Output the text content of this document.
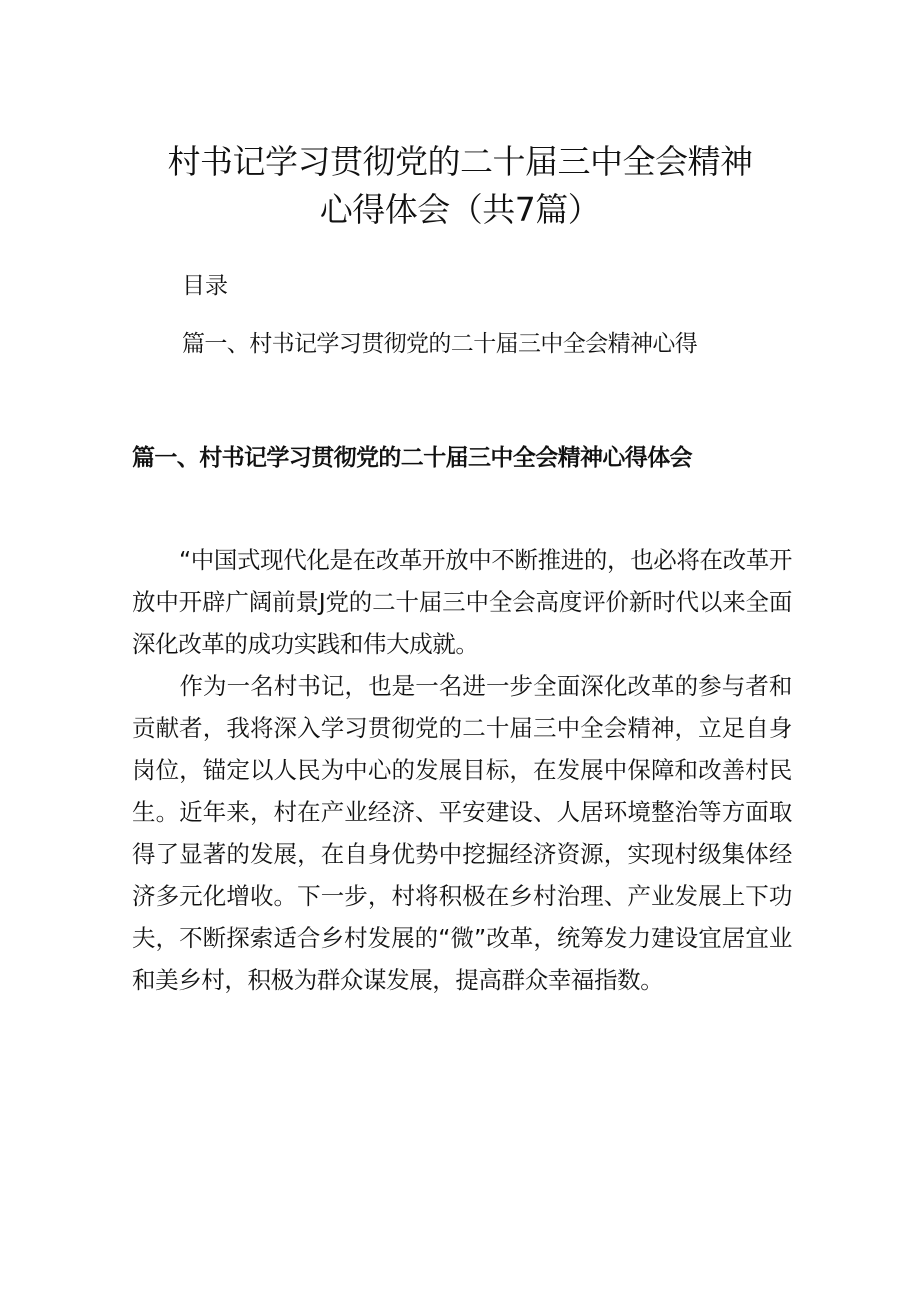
村书记学习贯彻党的二十届三中全会精神
心得体会（共7篇）
目录
篇一、村书记学习贯彻党的二十届三中全会精神心得
篇一、村书记学习贯彻党的二十届三中全会精神心得体会

“中国式现代化是在改革开放中不断推进的，也必将在改革开放中开辟广阔前景J党的二十届三中全会高度评价新时代以来全面深化改革的成功实践和伟大成就。

作为一名村书记，也是一名进一步全面深化改革的参与者和贡献者，我将深入学习贯彻党的二十届三中全会精神，立足自身岗位，锚定以人民为中心的发展目标，在发展中保障和改善村民生。近年来，村在产业经济、平安建设、人居环境整治等方面取得了显著的发展，在自身优势中挖掘经济资源，实现村级集体经济多元化增收。下一步，村将积极在乡村治理、产业发展上下功夫，不断探索适合乡村发展的“微”改革，统筹发力建设宜居宜业和美乡村，积极为群众谋发展，提高群众幸福指数。
